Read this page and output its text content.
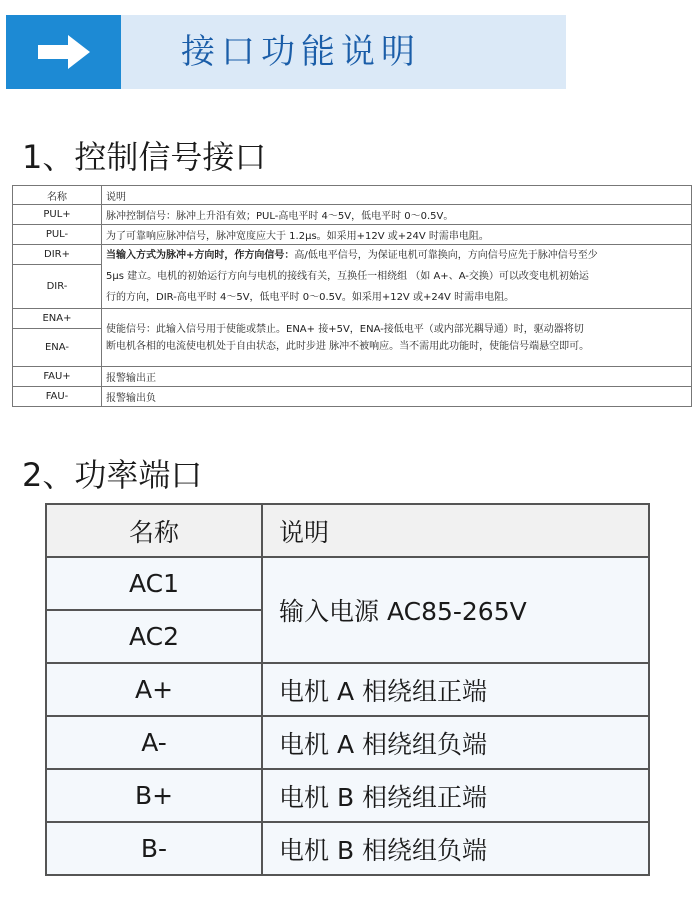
接口功能说明
1、控制信号接口
名称	说明
PUL+	脉冲控制信号：脉冲上升沿有效；PUL-高电平时 4～5V，低电平时 0～0.5V。
PUL-	为了可靠响应脉冲信号，脉冲宽度应大于 1.2μs。如采用+12V 或+24V 时需串电阻。
DIR+	当输入方式为脉冲+方向时，作方向信号：高/低电平信号，为保证电机可靠换向，方向信号应先于脉冲信号至少
5μs 建立。电机的初始运行方向与电机的接线有关，互换任一相绕组 （如 A+、A-交换）可以改变电机初始运
行的方向，DIR-高电平时 4～5V，低电平时 0～0.5V。如采用+12V 或+24V 时需串电阻。

DIR-	
ENA+	使能信号：此输入信号用于使能或禁止。ENA+ 接+5V，ENA-接低电平（或内部光耦导通）时，驱动器将切
断电机各相的电流使电机处于自由状态，此时步进 脉冲不被响应。当不需用此功能时，使能信号端悬空即可。

ENA-	
FAU+	报警输出正
FAU-	报警输出负
2、功率端口
名称	说明
AC1	输入电源 AC85-265V
AC2	
A+	电机 A 相绕组正端
A-	电机 A 相绕组负端
B+	电机 B 相绕组正端
B-	电机 B 相绕组负端
